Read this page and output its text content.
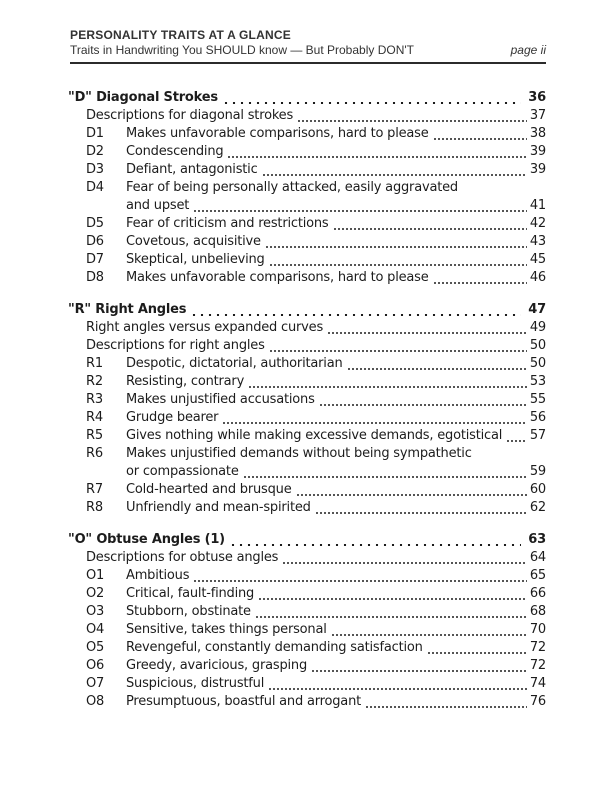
PERSONALITY TRAITS AT A GLANCE
Traits in Handwriting You SHOULD know — But Probably DON'T	page ii
"D" Diagonal Strokes	36
Descriptions for diagonal strokes	37
D1	Makes unfavorable comparisons, hard to please	38
D2	Condescending	39
D3	Defiant, antagonistic	39
D4	Fear of being personally attacked, easily aggravated
and upset	41
D5	Fear of criticism and restrictions	42
D6	Covetous, acquisitive	43
D7	Skeptical, unbelieving	45
D8	Makes unfavorable comparisons, hard to please	46
"R" Right Angles	47
Right angles versus expanded curves	49
Descriptions for right angles	50
R1	Despotic, dictatorial, authoritarian	50
R2	Resisting, contrary	53
R3	Makes unjustified accusations	55
R4	Grudge bearer	56
R5	Gives nothing while making excessive demands, egotistical 57
R6	Makes unjustified demands without being sympathetic
or compassionate	59
R7	Cold-hearted and brusque	60
R8	Unfriendly and mean-spirited	62
"O" Obtuse Angles (1)	63
Descriptions for obtuse angles	64
O1	Ambitious	65
O2	Critical, fault-finding	66
O3	Stubborn, obstinate	68
O4	Sensitive, takes things personal	70
O5	Revengeful, constantly demanding satisfaction	72
O6	Greedy, avaricious, grasping	72
O7	Suspicious, distrustful	74
O8	Presumptuous, boastful and arrogant	76
